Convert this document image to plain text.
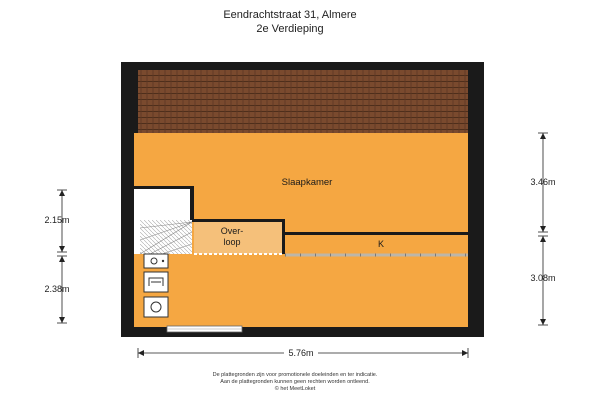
Eendrachtstraat 31, Almere
2e Verdieping
Slaapkamer
Over-
loop	K
2.15m
2.38m
3.46m
3.08m
5.76m
De plattegronden zijn voor promotionele doeleinden en ter indicatie.
Aan de plattegronden kunnen geen rechten worden ontleend.
© het MeetLoket
